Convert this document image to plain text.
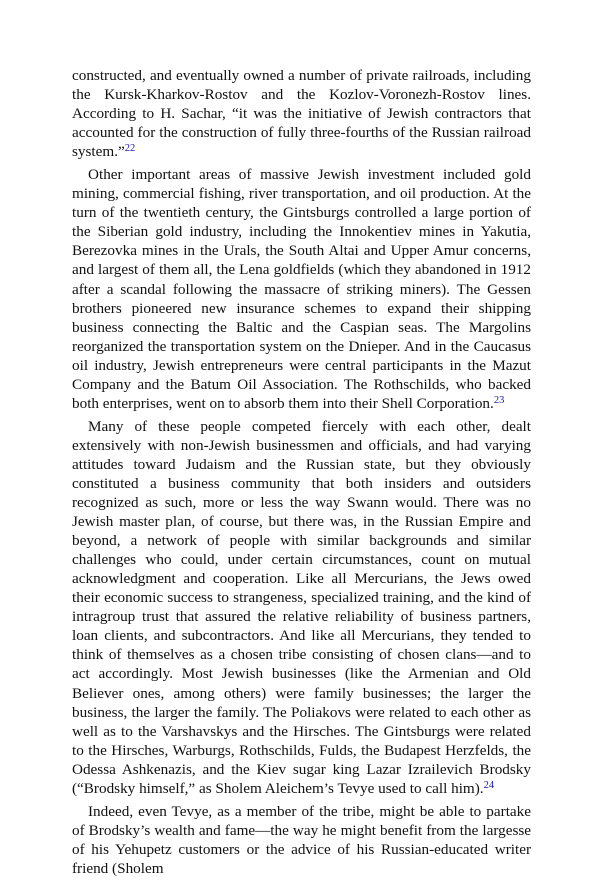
constructed, and eventually owned a number of private railroads, including the Kursk-Kharkov-Rostov and the Kozlov-Voronezh-Rostov lines. According to H. Sachar, “it was the initiative of Jewish contractors that accounted for the construction of fully three-fourths of the Russian railroad system.”$^{22}$

Other important areas of massive Jewish investment included gold mining, commercial fishing, river transportation, and oil production. At the turn of the twentieth century, the Gintsburgs controlled a large portion of the Siberian gold industry, including the Innokentiev mines in Yakutia, Berezovka mines in the Urals, the South Altai and Upper Amur concerns, and largest of them all, the Lena goldfields (which they abandoned in 1912 after a scandal following the massacre of striking miners). The Gessen brothers pioneered new insurance schemes to expand their shipping business connecting the Baltic and the Caspian seas. The Margolins reorganized the transportation system on the Dnieper. And in the Caucasus oil industry, Jewish entrepreneurs were central participants in the Mazut Company and the Batum Oil Association. The Rothschilds, who backed both enterprises, went on to absorb them into their Shell Corporation.$^{23}$

Many of these people competed fiercely with each other, dealt extensively with non-Jewish businessmen and officials, and had varying attitudes toward Judaism and the Russian state, but they obviously constituted a business community that both insiders and outsiders recognized as such, more or less the way Swann would. There was no Jewish master plan, of course, but there was, in the Russian Empire and beyond, a network of people with similar backgrounds and similar challenges who could, under certain circumstances, count on mutual acknowledgment and cooperation. Like all Mercurians, the Jews owed their economic success to strangeness, specialized training, and the kind of intragroup trust that assured the relative reliability of business partners, loan clients, and subcontractors. And like all Mercurians, they tended to think of themselves as a chosen tribe consisting of chosen clans—and to act accordingly. Most Jewish businesses (like the Armenian and Old Believer ones, among others) were family businesses; the larger the business, the larger the family. The Poliakovs were related to each other as well as to the Varshavskys and the Hirsches. The Gintsburgs were related to the Hirsches, Warburgs, Rothschilds, Fulds, the Budapest Herzfelds, the Odessa Ashkenazis, and the Kiev sugar king Lazar Izrailevich Brodsky (“Brodsky himself,” as Sholem Aleichem’s Tevye used to call him).$^{24}$

Indeed, even Tevye, as a member of the tribe, might be able to partake of Brodsky’s wealth and fame—the way he might benefit from the largesse of his Yehupetz customers or the advice of his Russian-educated writer friend (Sholem
